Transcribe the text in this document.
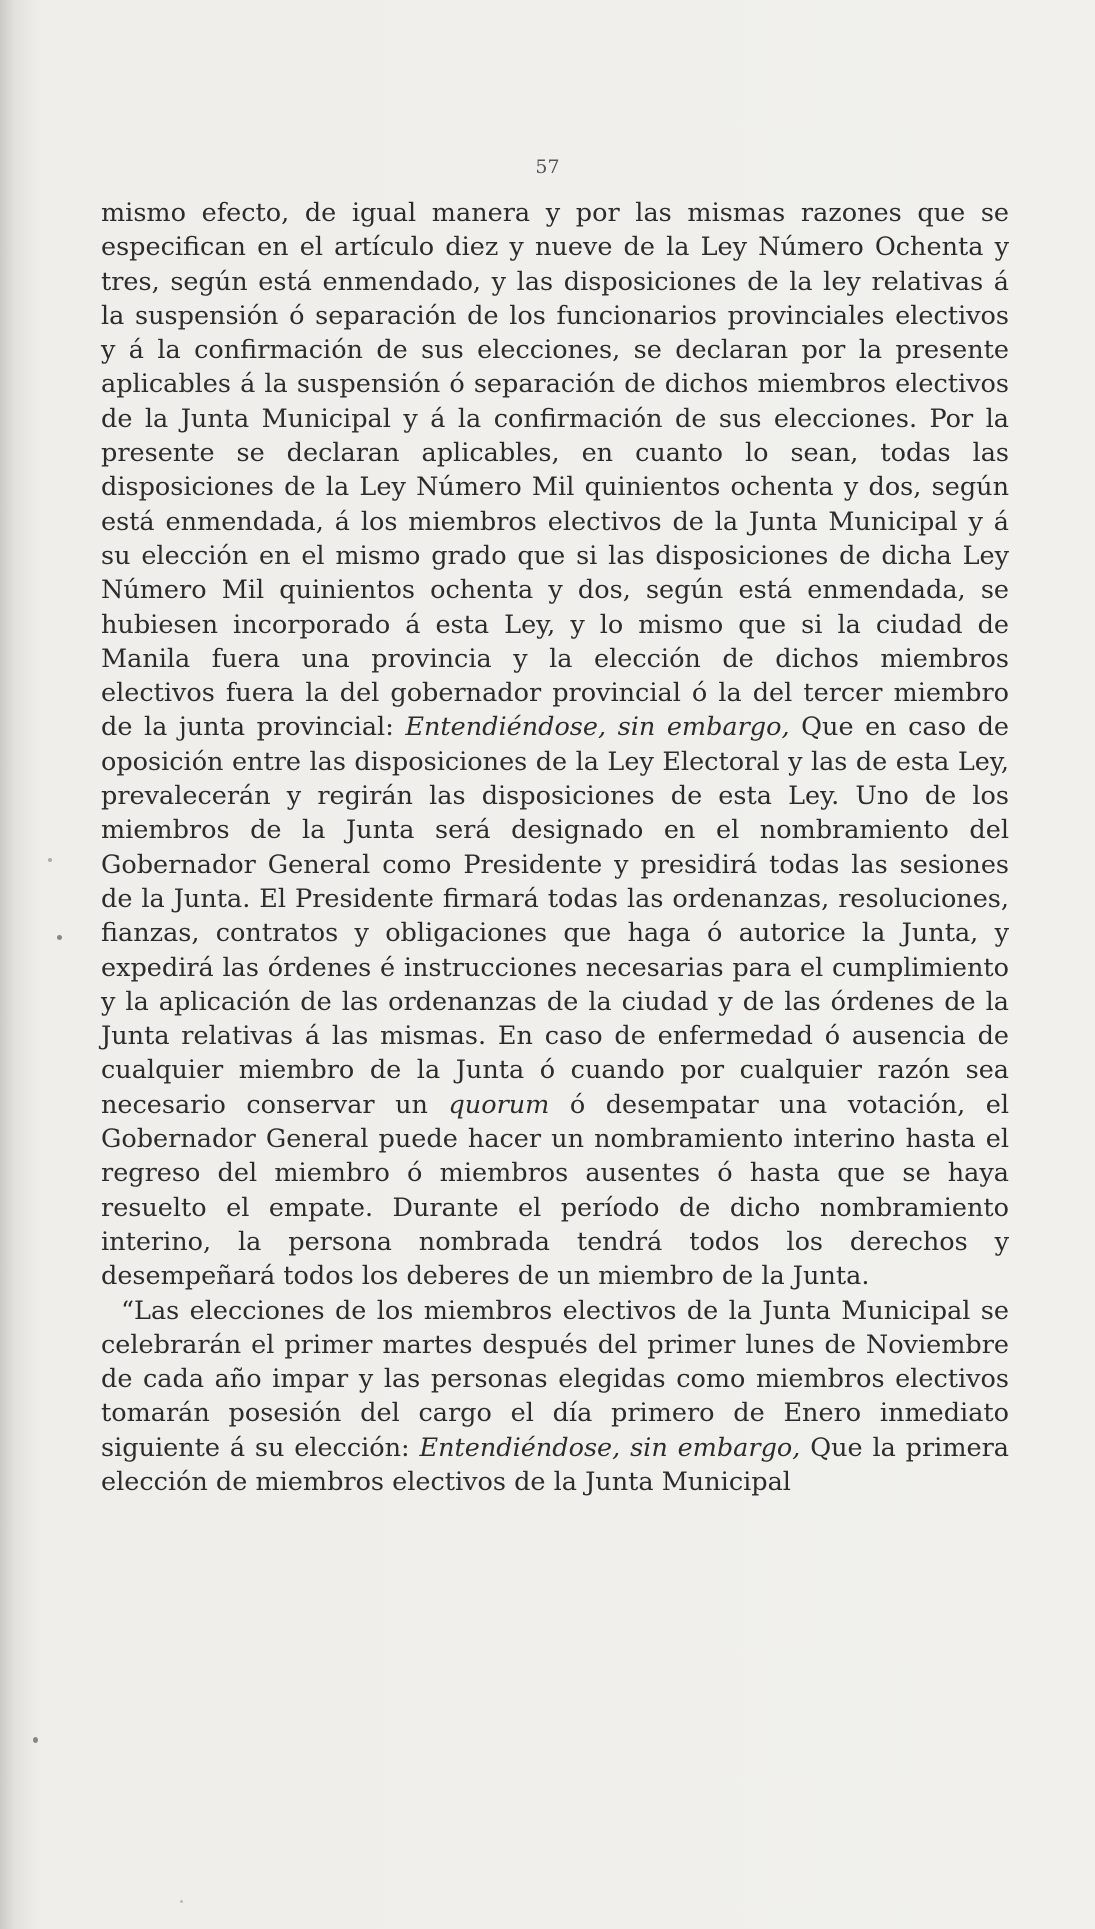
57

mismo efecto, de igual manera y por las mismas razones que se especifican en el artículo diez y nueve de la Ley Número Ochenta y tres, según está enmendado, y las disposiciones de la ley relativas á la suspensión ó separación de los funcionarios provinciales electivos y á la confirmación de sus elecciones, se declaran por la presente aplicables á la suspensión ó separación de dichos miembros electivos de la Junta Municipal y á la confirmación de sus elecciones. Por la presente se declaran aplicables, en cuanto lo sean, todas las disposiciones de la Ley Número Mil quinientos ochenta y dos, según está enmendada, á los miembros electivos de la Junta Municipal y á su elección en el mismo grado que si las disposiciones de dicha Ley Número Mil quinientos ochenta y dos, según está enmendada, se hubiesen incorporado á esta Ley, y lo mismo que si la ciudad de Manila fuera una provincia y la elección de dichos miembros electivos fuera la del gobernador provincial ó la del tercer miembro de la junta provincial: Entendiéndose, sin embargo, Que en caso de oposición entre las disposiciones de la Ley Electoral y las de esta Ley, prevalecerán y regirán las disposiciones de esta Ley. Uno de los miembros de la Junta será designado en el nombramiento del Gobernador General como Presidente y presidirá todas las sesiones de la Junta. El Presidente firmará todas las ordenanzas, resoluciones, fianzas, contratos y obligaciones que haga ó autorice la Junta, y expedirá las órdenes é instrucciones necesarias para el cumplimiento y la aplicación de las ordenanzas de la ciudad y de las órdenes de la Junta relativas á las mismas. En caso de enfermedad ó ausencia de cualquier miembro de la Junta ó cuando por cualquier razón sea necesario conservar un quorum ó desempatar una votación, el Gobernador General puede hacer un nombramiento interino hasta el regreso del miembro ó miembros ausentes ó hasta que se haya resuelto el empate. Durante el período de dicho nombramiento interino, la persona nombrada tendrá todos los derechos y desempeñará todos los deberes de un miembro de la Junta.

“Las elecciones de los miembros electivos de la Junta Municipal se celebrarán el primer martes después del primer lunes de Noviembre de cada año impar y las personas elegidas como miembros electivos tomarán posesión del cargo el día primero de Enero inmediato siguiente á su elección: Entendiéndose, sin embargo, Que la primera elección de miembros electivos de la Junta Municipal
